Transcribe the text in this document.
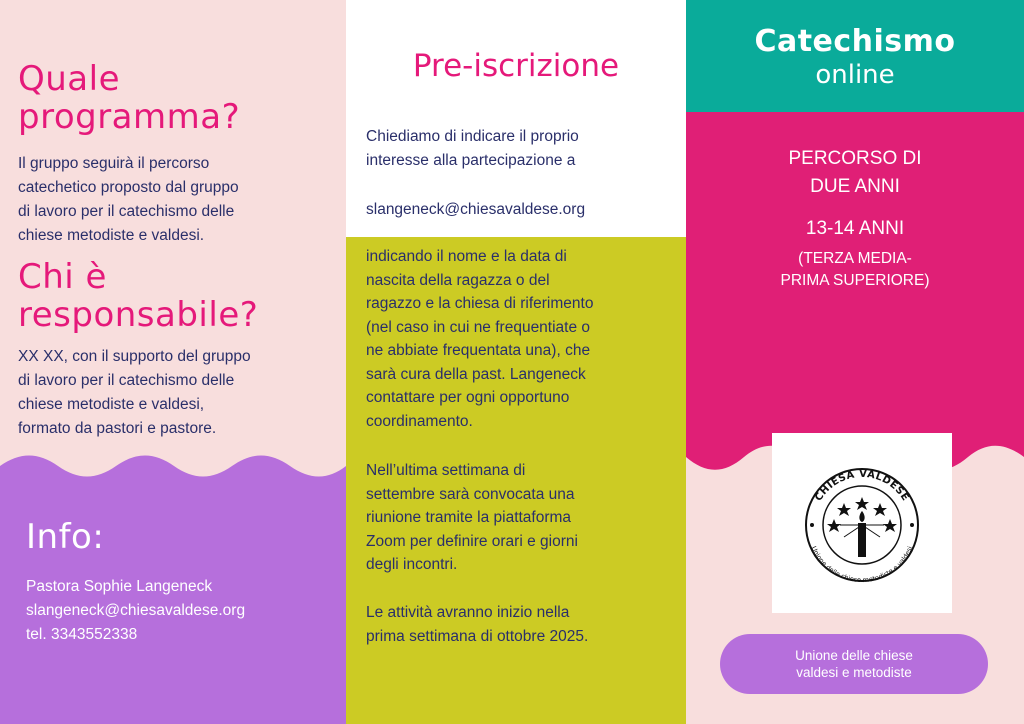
Quale
programma?

Il gruppo seguirà il percorso
catechetico proposto dal gruppo
di lavoro per il catechismo delle
chiese metodiste e valdesi.

Chi è
responsabile?

XX XX, con il supporto del gruppo
di lavoro per il catechismo delle
chiese metodiste e valdesi,
formato da pastori e pastore.

Info:
Pastora Sophie Langeneck
slangeneck@chiesavaldese.org
tel. 3343552338
Pre-iscrizione

Chiediamo di indicare il proprio
interesse alla partecipazione a

slangeneck@chiesavaldese.org

indicando il nome e la data di
nascita della ragazza o del
ragazzo e la chiesa di riferimento
(nel caso in cui ne frequentiate o
ne abbiate frequentata una), che
sarà cura della past. Langeneck
contattare per ogni opportuno
coordinamento.

Nell’ultima settimana di
settembre sarà convocata una
riunione tramite la piattaforma
Zoom per definire orari e giorni
degli incontri.

Le attività avranno inizio nella
prima settimana di ottobre 2025.

Catechismo
online
PERCORSO DI
DUE ANNI
13-14 ANNI
(TERZA MEDIA-
PRIMA SUPERIORE)
CHIESA VALDESE
Unione delle chiese metodiste e valdesi
Unione delle chiese
valdesi e metodiste
